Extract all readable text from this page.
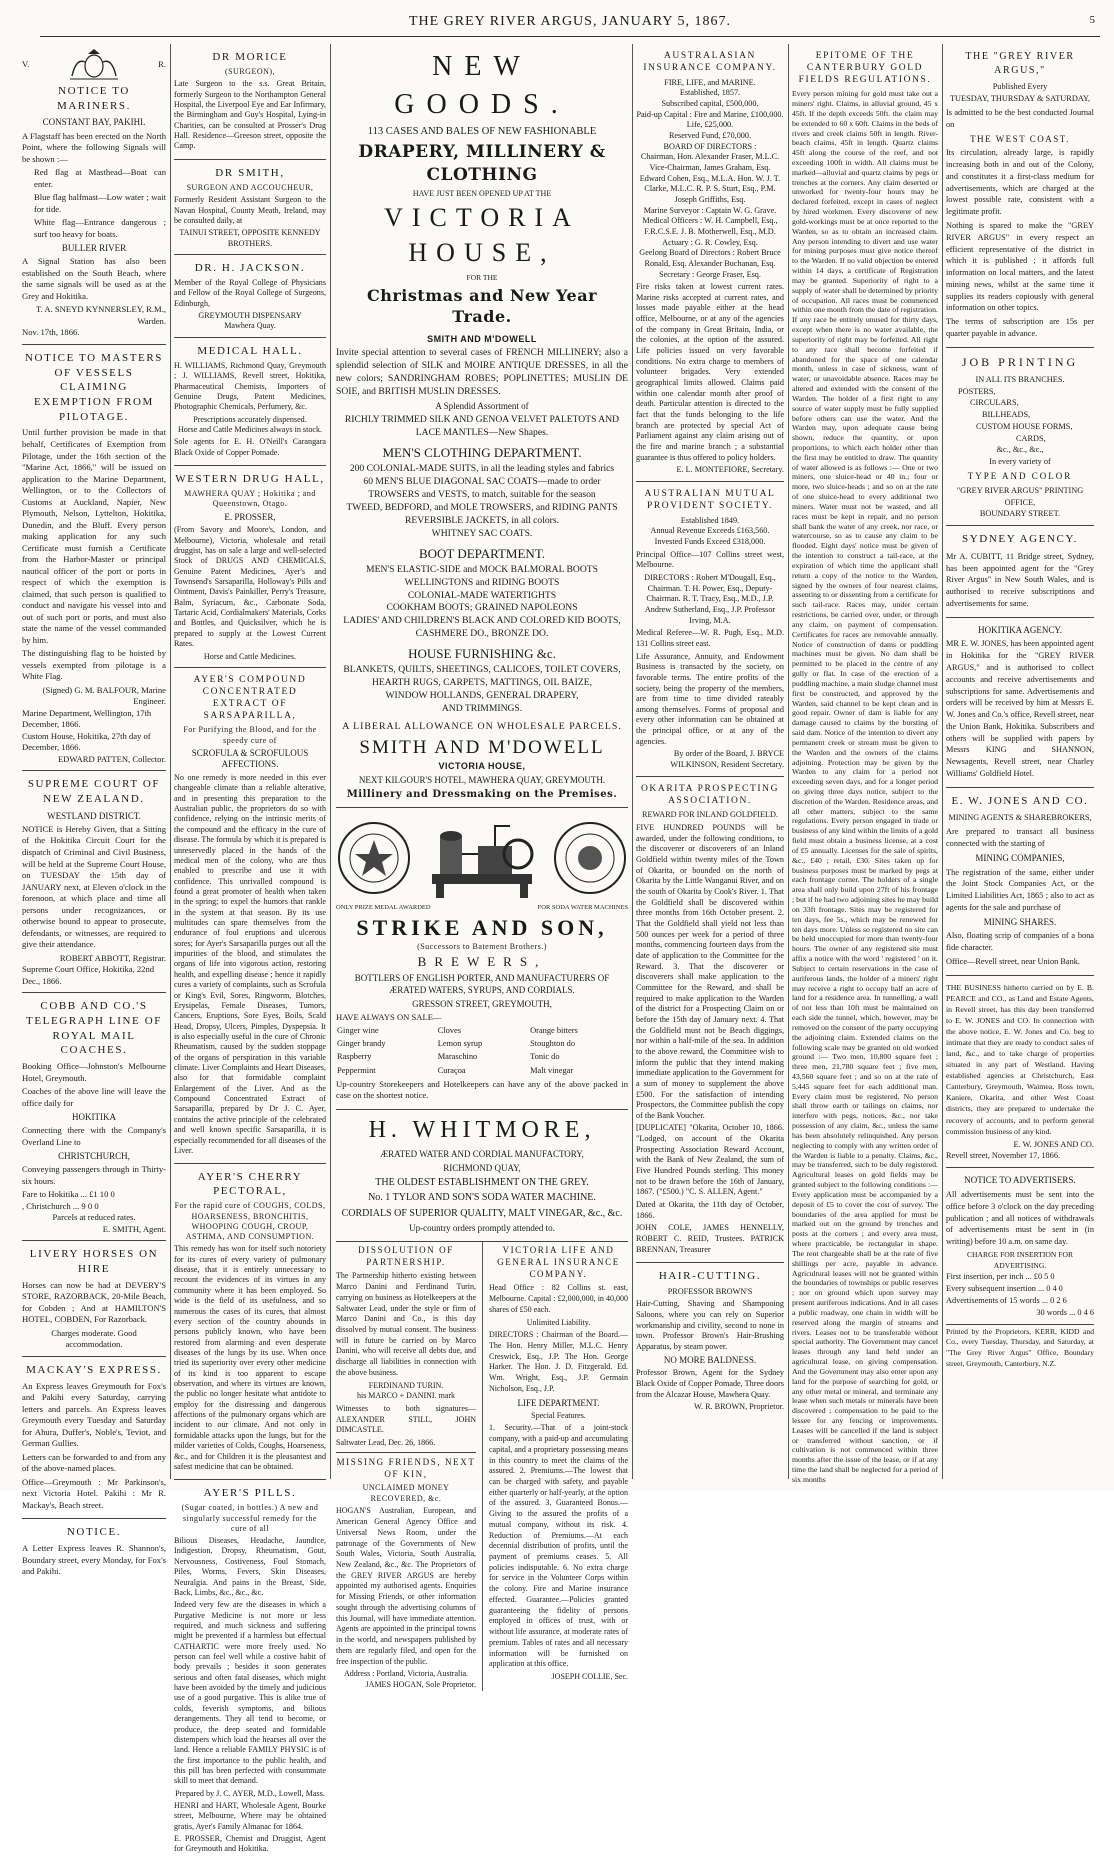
THE GREY RIVER ARGUS, JANUARY 5, 1867.	5
V.	R.
NOTICE TO MARINERS.
CONSTANT BAY, PAKIHI.
A Flagstaff has been erected on the North Point, where the following Signals will be shown :—
Red flag at Masthead—Boat can enter.
Blue flag halfmast—Low water ; wait for tide.
White flag—Entrance dangerous ; surf too heavy for boats.
BULLER RIVER
A Signal Station has also been established on the South Beach, where the same signals will be used as at the Grey and Hokitika.
T. A. SNEYD KYNNERSLEY, R.M., Warden.
Nov. 17th, 1866.
NOTICE TO MASTERS OF VESSELS CLAIMING EXEMPTION FROM PILOTAGE.
Until further provision be made in that behalf, Certificates of Exemption from Pilotage, under the 16th section of the "Marine Act, 1866," will be issued on application to the Marine Department, Wellington, or to the Collectors of Customs at Auckland, Napier, New Plymouth, Nelson, Lyttelton, Hokitika, Dunedin, and the Bluff. Every person making application for any such Certificate must furnish a Certificate from the Harbor-Master or principal nautical officer of the port or ports in respect of which the exemption is claimed, that such person is qualified to conduct and navigate his vessel into and out of such port or ports, and must also state the name of the vessel commanded by him.
The distinguishing flag to be hoisted by vessels exempted from pilotage is a White Flag.
(Signed) G. M. BALFOUR, Marine Engineer.
Marine Department, Wellington, 17th December, 1866.
Custom House, Hokitika, 27th day of December, 1866.
EDWARD PATTEN, Collector.
SUPREME COURT OF NEW ZEALAND.
WESTLAND DISTRICT.
NOTICE is Hereby Given, that a Sitting of the Hokitika Circuit Court for the dispatch of Criminal and Civil Business, will be held at the Supreme Court House, on TUESDAY the 15th day of JANUARY next, at Eleven o'clock in the forenoon, at which place and time all persons under recognizances, or otherwise bound to appear to prosecute, defendants, or witnesses, are required to give their attendance.
ROBERT ABBOTT, Registrar.
Supreme Court Office, Hokitika, 22nd Dec., 1866.
COBB AND CO.'S TELEGRAPH LINE OF ROYAL MAIL COACHES.
Booking Office—Johnston's Melbourne Hotel, Greymouth.
Coaches of the above line will leave the office daily for
HOKITIKA
Connecting there with the Company's Overland Line to
CHRISTCHURCH,
Conveying passengers through in Thirty-six hours.
Fare to Hokitika ... £1 10 0
, Christchurch ... 9 0 0
Parcels at reduced rates.
E. SMITH, Agent.
LIVERY HORSES ON HIRE
Horses can now be had at DEVERY'S STORE, RAZORBACK, 20-Mile Beach, for Cobden ; And at HAMILTON'S HOTEL, COBDEN, For Razorback.
Charges moderate. Good accommodation.
MACKAY'S EXPRESS.
An Express leaves Greymouth for Fox's and Pakihi every Saturday, carrying letters and parcels. An Express leaves Greymouth every Tuesday and Saturday for Ahura, Duffer's, Noble's, Teviot, and German Gullies.
Letters can be forwarded to and from any of the above-named places.
Office—Greymouth : Mr Parkinson's, next Victoria Hotel. Pakihi : Mr R. Mackay's, Beach street.
NOTICE.
A Letter Express leaves R. Shannon's, Boundary street, every Monday, for Fox's and Pakihi.
DR MORICE
(SURGEON),
Late Surgeon to the s.s. Great Britain, formerly Surgeon to the Northampton General Hospital, the Liverpool Eye and Ear Infirmary, the Birmingham and Guy's Hospital, Lying-in Charities, can be consulted at Prosser's Drug Hall. Residence—Greeson street, opposite the Camp.
DR SMITH,
SURGEON AND ACCOUCHEUR,
Formerly Resident Assistant Surgeon to the Navan Hospital, County Meath, Ireland, may be consulted daily, at
TAINUI STREET, OPPOSITE KENNEDY BROTHERS.
DR. H. JACKSON.
Member of the Royal College of Physicians and Fellow of the Royal College of Surgeons, Edinburgh,
GREYMOUTH DISPENSARY
Mawhera Quay.
MEDICAL HALL.
H. WILLIAMS, Richmond Quay, Greymouth ; J. WILLIAMS, Revell street, Hokitika, Pharmaceutical Chemists, Importers of Genuine Drugs, Patent Medicines, Photographic Chemicals, Perfumery, &c.
Prescriptions accurately dispensed.
Horse and Cattle Medicines always in stock.
Sole agents for E. H. O'Neill's Carangara Black Oxide of Copper Pomade.
WESTERN DRUG HALL,
MAWHERA QUAY ; Hokitika ; and Queenstown, Otago.
E. PROSSER,
(From Savory and Moore's, London, and Melbourne), Victoria, wholesale and retail druggist, has on sale a large and well-selected Stock of DRUGS AND CHEMICALS, Genuine Patent Medicines, Ayer's and Townsend's Sarsaparilla, Holloway's Pills and Ointment, Davis's Painkiller, Perry's Treasure, Balm, Syriacum, &c., Carbonate Soda, Tartaric Acid, Cordialmakers' Materials, Corks and Bottles, and Quicksilver, which he is prepared to supply at the Lowest Current Rates.
Horse and Cattle Medicines.
AYER'S COMPOUND CONCENTRATED EXTRACT OF SARSAPARILLA,
For Purifying the Blood, and for the speedy cure of
SCROFULA & SCROFULOUS AFFECTIONS.
No one remedy is more needed in this ever changeable climate than a reliable alterative, and in presenting this preparation to the Australian public, the proprietors do so with confidence, relying on the intrinsic merits of the compound and the efficacy in the cure of disease. The formula by which it is prepared is unreservedly placed in the hands of the medical men of the colony, who are thus enabled to prescribe and use it with confidence. This unrivalled compound is found a great promoter of health when taken in the spring; to expel the humors that rankle in the system at that season. By its use multitudes can spare themselves from the endurance of foul eruptions and ulcerous sores; for Ayer's Sarsaparilla purges out all the impurities of the blood, and stimulates the organs of life into vigorous action, restoring health, and expelling disease ; hence it rapidly cures a variety of complaints, such as Scrofula or King's Evil, Sores, Ringworm, Blotches, Erysipelas, Female Diseases, Tumors, Cancers, Eruptions, Sore Eyes, Boils, Scald Head, Dropsy, Ulcers, Pimples, Dyspepsia. It is also especially useful in the cure of Chronic Rheumatism, caused by the sudden stoppage of the organs of perspiration in this variable climate. Liver Complaints and Heart Diseases, also for that formidable complaint Enlargement of the Liver. And as the Compound Concentrated Extract of Sarsaparilla, prepared by Dr J. C. Ayer, contains the active principle of the celebrated and well known specific Sarsaparilla, it is especially recommended for all diseases of the Liver.
AYER'S CHERRY PECTORAL,
For the rapid cure of COUGHS, COLDS, HOARSENESS, BRONCHITIS, WHOOPING COUGH, CROUP, ASTHMA, AND CONSUMPTION.
This remedy has won for itself such notoriety for its cures of every variety of pulmonary disease, that it is entirely unnecessary to recount the evidences of its virtues in any community where it has been employed. So wide is the field of its usefulness, and so numerous the cases of its cures, that almost every section of the country abounds in persons publicly known, who have been restored from alarming and even desperate diseases of the lungs by its use. When once tried its superiority over every other medicine of its kind is too apparent to escape observation, and where its virtues are known, the public no longer hesitate what antidote to employ for the distressing and dangerous affections of the pulmonary organs which are incident to our climate. And not only in formidable attacks upon the lungs, but for the milder varieties of Colds, Coughs, Hoarseness, &c., and for Children it is the pleasantest and safest medicine that can be obtained.
AYER'S PILLS.
(Sugar coated, in bottles.) A new and singularly successful remedy for the cure of all
Bilious Diseases, Headache, Jaundice, Indigestion, Dropsy, Rheumatism, Gout, Nervousness, Costiveness, Foul Stomach, Piles, Worms, Fevers, Skin Diseases, Neuralgia. And pains in the Breast, Side, Back, Limbs, &c., &c., &c.
Indeed very few are the diseases in which a Purgative Medicine is not more or less required, and much sickness and suffering might be prevented if a harmless but effectual CATHARTIC were more freely used. No person can feel well while a costive habit of body prevails ; besides it soon generates serious and often fatal diseases, which might have been avoided by the timely and judicious use of a good purgative. This is alike true of colds, feverish symptoms, and bilious derangements. They all tend to become, or produce, the deep seated and formidable distempers which load the hearses all over the land. Hence a reliable FAMILY PHYSIC is of the first importance to the public health, and this pill has been perfected with consummate skill to meet that demand.
Prepared by J. C. AYER, M.D., Lowell, Mass.
HENRI and HART, Wholesale Agent, Bourke street, Melbourne, Where may be obtained gratis, Ayer's Family Almanac for 1864.
E. PROSSER, Chemist and Druggist, Agent for Greymouth and Hokitika.
NEW GOODS.
113 CASES AND BALES OF NEW FASHIONABLE
DRAPERY, MILLINERY & CLOTHING
HAVE JUST BEEN OPENED UP AT THE
VICTORIA HOUSE,
FOR THE
Christmas and New Year Trade.
SMITH AND M'DOWELL
Invite special attention to several cases of FRENCH MILLINERY; also a splendid selection of SILK and MOIRE ANTIQUE DRESSES, in all the new colors; SANDRINGHAM ROBES; POPLINETTES; MUSLIN DE SOIE, and BRITISH MUSLIN DRESSES.
A Splendid Assortment of
RICHLY TRIMMED SILK AND GENOA VELVET PALETOTS AND LACE MANTLES—New Shapes.
MEN'S CLOTHING DEPARTMENT.
200 COLONIAL-MADE SUITS, in all the leading styles and fabrics
60 MEN'S BLUE DIAGONAL SAC COATS—made to order
TROWSERS and VESTS, to match, suitable for the season
TWEED, BEDFORD, and MOLE TROWSERS, and RIDING PANTS
REVERSIBLE JACKETS, in all colors.
WHITNEY SAC COATS.
BOOT DEPARTMENT.
MEN'S ELASTIC-SIDE and MOCK BALMORAL BOOTS
WELLINGTONS and RIDING BOOTS
COLONIAL-MADE WATERTIGHTS
COOKHAM BOOTS; GRAINED NAPOLEONS
LADIES' AND CHILDREN'S BLACK AND COLORED KID BOOTS,
CASHMERE DO., BRONZE DO.
HOUSE FURNISHING &c.
BLANKETS, QUILTS, SHEETINGS, CALICOES, TOILET COVERS,
HEARTH RUGS, CARPETS, MATTINGS, OIL BAIZE,
WINDOW HOLLANDS, GENERAL DRAPERY,
AND TRIMMINGS.
A LIBERAL ALLOWANCE ON WHOLESALE PARCELS.
SMITH AND M'DOWELL
VICTORIA HOUSE,
NEXT KILGOUR'S HOTEL, MAWHERA QUAY, GREYMOUTH.
Millinery and Dressmaking on the Premises.
ONLY PRIZE MEDAL AWARDED	FOR SODA WATER MACHINES
STRIKE AND SON,
(Successors to Batement Brothers.)
BREWERS,
BOTTLERS OF ENGLISH PORTER, AND MANUFACTURERS OF ÆRATED WATERS, SYRUPS, AND CORDIALS.
GRESSON STREET, GREYMOUTH,
HAVE ALWAYS ON SALE—
Ginger wine	Cloves	Orange bitters
Ginger brandy	Lemon syrup	Stoughton do
Raspberry	Maraschino	Tonic do
Peppermint	Curaçoa	Malt vinegar
Up-country Storekeepers and Hotelkeepers can have any of the above packed in case on the shortest notice.
H. WHITMORE,
ÆRATED WATER AND CORDIAL MANUFACTORY,
RICHMOND QUAY,
THE OLDEST ESTABLISHMENT ON THE GREY.
No. 1 TYLOR AND SON'S SODA WATER MACHINE.
CORDIALS OF SUPERIOR QUALITY, MALT VINEGAR, &c., &c.
Up-country orders promptly attended to.
DISSOLUTION OF PARTNERSHIP.
The Partnership hitherto existing between Marco Danini and Ferdinand Turin, carrying on business as Hotelkeepers at the Saltwater Lead, under the style or firm of Marco Danini and Co., is this day dissolved by mutual consent. The business will in future be carried on by Marco Danini, who will receive all debts due, and discharge all liabilities in connection with the above business.
FERDINAND TURIN.
his MARCO + DANINI. mark
Witnesses to both signatures— ALEXANDER STILL, JOHN DIMCASTLE.
Saltwater Lead, Dec. 26, 1866.
MISSING FRIENDS, NEXT OF KIN,
UNCLAIMED MONEY RECOVERED, &c.
HOGAN'S Australian, European, and American General Agency Office and Universal News Room, under the patronage of the Governments of New South Wales, Victoria, South Australia, New Zealand, &c., &c. The Proprietors of the GREY RIVER ARGUS are hereby appointed my authorised agents. Enquiries for Missing Friends, or other information sought through the advertising columns of this Journal, will have immediate attention. Agents are appointed in the principal towns in the world, and newspapers published by them are regularly filed, and open for the free inspection of the public.
Address : Portland, Victoria, Australia.
JAMES HOGAN, Sole Proprietor.
VICTORIA LIFE AND GENERAL INSURANCE COMPANY.
Head Office : 82 Collins st. east, Melbourne. Capital : £2,000,000, in 40,000 shares of £50 each.
Unlimited Liability.
DIRECTORS : Chairman of the Board.—The Hon. Henry Miller, M.L.C. Henry Creswick, Esq., J.P. The Hon. George Harker. The Hon. J. D. Fitzgerald. Ed. Wm. Wright, Esq., J.P. Germain Nicholson, Esq., J.P.
LIFE DEPARTMENT.
Special Features.
1. Security.—That of a joint-stock company, with a paid-up and accumulating capital, and a proprietary possessing means in this country to meet the claims of the assured. 2. Premiums.—The lowest that can be charged with safety, and payable either quarterly or half-yearly, at the option of the assured. 3. Guaranteed Bonus.—Giving to the assured the profits of a mutual company, without its risk. 4. Reduction of Premiums.—At each decennial distribution of profits, until the payment of premiums ceases. 5. All policies indisputable. 6. No extra charge for service in the Volunteer Corps within the colony. Fire and Marine insurance effected. Guarantee.—Policies granted guaranteeing the fidelity of persons employed in offices of trust, with or without life assurance, at moderate rates of premium. Tables of rates and all necessary information will be furnished on application at this office.
JOSEPH COLLIE, Sec.
AUSTRALASIAN INSURANCE COMPANY.
FIRE, LIFE, and MARINE.
Established, 1857.
Subscribed capital, £500,000.
Paid-up Capital : Fire and Marine, £100,000. Life, £25,000.
Reserved Fund, £70,000.
BOARD OF DIRECTORS :
Chairman, Hon. Alexander Fraser, M.L.C. Vice-Chairman, James Graham, Esq. Edward Cohen, Esq., M.L.A. Hon. W. J. T. Clarke, M.L.C. R. P. S. Sturt, Esq., P.M. Joseph Griffiths, Esq.
Marine Surveyor : Captain W. G. Grave.
Medical Officers : W. H. Campbell, Esq., F.R.C.S.E. J. B. Motherwell, Esq., M.D.
Actuary : G. R. Cowley, Esq.
Geelong Board of Directors : Robert Bruce Ronald, Esq. Alexander Buchanan, Esq. Secretary : George Fraser, Esq.
Fire risks taken at lowest current rates. Marine risks accepted at current rates, and losses made payable either at the head office, Melbourne, or at any of the agencies of the company in Great Britain, India, or the colonies, at the option of the assured. Life policies issued on very favorable conditions. No extra charge to members of volunteer brigades. Very extended geographical limits allowed. Claims paid within one calendar month after proof of death. Particular attention is directed to the fact that the funds belonging to the life branch are protected by special Act of Parliament against any claim arising out of the fire and marine branch ; a substantial guarantee is thus offered to policy holders.
E. L. MONTEFIORE, Secretary.
AUSTRALIAN MUTUAL PROVIDENT SOCIETY.
Established 1849.
Annual Revenue Exceeds £163,560. Invested Funds Exceed £318,000.
Principal Office—107 Collins street west, Melbourne.
DIRECTORS : Robert M'Dougall, Esq., Chairman. T. H. Power, Esq., Deputy-Chairman. R. T. Tracy, Esq., M.D., J.P. Andrew Sutherland, Esq., J.P. Professor Irving, M.A.
Medical Referee—W. R. Pugh, Esq., M.D. 131 Collins street east.
Life Assurance, Annuity, and Endowment Business is transacted by the society, on favorable terms. The entire profits of the society, being the property of the members, are from time to time divided rateably among themselves. Forms of proposal and every other information can be obtained at the principal office, or at any of the agencies.
By order of the Board, J. BRYCE WILKINSON, Resident Secretary.
OKARITA PROSPECTING ASSOCIATION.
REWARD FOR INLAND GOLDFIELD.
FIVE HUNDRED POUNDS will be awarded, under the following conditions, to the discoverer or discoverers of an Inland Goldfield within twenty miles of the Town of Okarita, or bounded on the north of Okarita by the Little Wanganui River, and on the south of Okarita by Cook's River. 1. That the Goldfield shall be discovered within three months from 16th October present. 2. That the Goldfield shall yield not less than 500 ounces per week for a period of three months, commencing fourteen days from the date of application to the Committee for the Reward. 3. That the discoverer or discoverers shall make application to the Committee for the Reward, and shall be required to make application to the Warden of the district for a Prospecting Claim on or before the 15th day of January next. 4. That the Goldfield must not be Beach diggings, nor within a half-mile of the sea. In addition to the above reward, the Committee wish to inform the public that they intend making immediate application to the Government for a sum of money to supplement the above £500. For the satisfaction of intending Prospectors, the Committee publish the copy of the Bank Voucher.
[DUPLICATE] "Okarita, October 10, 1866. "Lodged, on account of the Okarita Prospecting Association Reward Account, with the Bank of New Zealand, the sum of Five Hundred Pounds sterling. This money not to be drawn before the 16th of January, 1867. ("£500.) "C. S. ALLEN, Agent."
Dated at Okarita, the 11th day of October, 1866.
JOHN COLE, JAMES HENNELLY, ROBERT C. REID, Trustees. PATRICK BRENNAN, Treasurer
HAIR-CUTTING.
PROFESSOR BROWN'S
Hair-Cutting, Shaving and Shampooing Saloons, where you can rely on Superior workmanship and civility, second to none in town. Professor Brown's Hair-Brushing Apparatus, by steam power.
NO MORE BALDNESS.
Professor Brown, Agent for the Sydney Black Oxide of Copper Pomade, Three doors from the Alcazar House, Mawhera Quay.
W. R. BROWN, Proprietor.
EPITOME OF THE CANTERBURY GOLD FIELDS REGULATIONS.
Every person mining for gold must take out a miners' right. Claims, in alluvial ground, 45 x 45ft. If the depth exceeds 50ft. the claim may be extended to 60 x 60ft. Claims in the beds of rivers and creek claims 50ft in length. River-beach claims, 45ft in length. Quartz claims 45ft along the course of the reef, and not exceeding 100ft in width. All claims must be marked—alluvial and quartz claims by pegs or trenches at the corners. Any claim deserted or unworked for twenty-four hours may be declared forfeited, except in cases of neglect by hired workmen. Every discoverer of new gold-workings must be at once reported to the Warden, so as to obtain an increased claim. Any person intending to divert and use water for mining purposes must give notice thereof to the Warden. If no valid objection be entered within 14 days, a certificate of Registration may be granted. Superiority of right to a supply of water shall be determined by priority of occupation. All races must be commenced within one month from the date of registration. If any race be entirely unused for thirty days, except when there is no water available, the superiority of right may be forfeited. All right to any race shall become forfeited if abandoned for the space of one calendar month, unless in case of sickness, want of water, or unavoidable absence. Races may be altered and extended with the consent of the Warden. The holder of a first right to any source of water supply must be fully supplied before others can use the water. And the Warden may, upon adequate cause being shown, reduce the quantity, or upon proportions, to which each holder other than the first may be entitled to draw. The quantity of water allowed is as follows :— One or two miners, one sluice-head or 40 in.; four or more, two sluice-heads ; and so on at the rate of one sluice-head to every additional two miners. Water must not be wasted, and all races must be kept in repair, and no person shall bank the water of any creek, nor race, or watercourse, so as to cause any claim to be flooded. Eight days' notice must be given of the intention to construct a tail-race, at the expiration of which time the applicant shall return a copy of the notice to the Warden, signed by the owners of four nearest claims, assenting to or dissenting from a certificate for such tail-race. Races may, under certain restrictions, be carried over, under, or through any claim, on payment of compensation. Certificates for races are removable annually. Notice of construction of dams or puddling machines must be given. No dam shall be permitted to be placed in the centre of any gully or flat. In case of the erection of a puddling machine, a main sludge channel must first be constructed, and approved by the Warden, said channel to be kept clean and in good repair. Owner of dam is liable for any damage caused to claims by the bursting of said dam. Notice of the intention to divert any permanent creek or stream must be given to the Warden and the owners of the claims adjoining. Protection may be given by the Warden to any claim for a period not exceeding seven days, and for a longer period on giving three days notice, subject to the discretion of the Warden. Residence areas, and all other matters, subject to the same regulations. Every person engaged in trade or business of any kind within the limits of a gold field must obtain a business license, at a cost of £5 annually. Licenses for the sale of spirits, &c., £40 ; retail, £30. Sites taken up for business purposes must be marked by pegs at each frontage corner. The holders of a single area shall only build upon 27ft of his frontage ; but if he had two adjoining sites he may build on 33ft frontage. Sites may be registered for ten days, fee 5s., which may be renewed for ten days more. Unless so registered no site can be held unoccupied for more than twenty-four hours. The owner of any registered site must affix a notice with the word ' registered ' on it. Subject to certain reservations in the case of auriferous lands, the holder of a miners' right may receive a right to occupy half an acre of land for a residence area. In tunnelling, a wall of not less than 10ft must be maintained on each side the tunnel, which, however, may be removed on the consent of the party occupying the adjoining claim. Extended claims on the following scale may be granted on old worked ground :— Two men, 10,800 square feet ; three men, 21,780 square feet ; five men, 43,560 square feet ; and so on at the rate of 5,445 square feet for each additional man. Every claim must be registered. No person shall throw earth or tailings on claims, nor interfere with pegs, notices, &c., nor take possession of any claim, &c., unless the same has been absolutely relinquished. Any person neglecting to comply with any written order of the Warden is liable to a penalty. Claims, &c., may be transferred, such to be duly registered. Agricultural leases on gold fields may be granted subject to the following conditions :— Every application must be accompanied by a deposit of £5 to cover the cost of survey. The boundaries of the area applied for must be marked out on the ground by trenches and posts at the corners ; and every area must, where practicable, be rectangular in shape. The rent chargeable shall be at the rate of five shillings per acre, payable in advance. Agricultural leases will not be granted within the boundaries of townships or public reserves ; nor on ground which upon survey may present auriferous indications. And in all cases a public roadway, one chain in width will be reserved along the margin of streams and rivers. Leases not to be transferable without special authority. The Government may cancel leases through any land held under an agricultural lease, on giving compensation. And the Government may also enter upon any land for the purpose of searching for gold, or any other metal or mineral, and terminate any lease when such metals or minerals have been discovered ; compensation to be paid to the lessee for any fencing or improvements. Leases will be cancelled if the land is subject or transferred without sanction, or if cultivation is not commenced within three months after the issue of the lease, or if at any time the land shall be neglected for a period of six months
THE "GREY RIVER ARGUS,"
Published Every
TUESDAY, THURSDAY & SATURDAY,
Is admitted to be the best conducted Journal on
THE WEST COAST.
Its circulation, already large, is rapidly increasing both in and out of the Colony, and constitutes it a first-class medium for advertisements, which are charged at the lowest possible rate, consistent with a legitimate profit.
Nothing is spared to make the "GREY RIVER ARGUS" in every respect an efficient representative of the district in which it is published ; it affords full information on local matters, and the latest mining news, whilst at the same time it supplies its readers copiously with general information on other topics.
The terms of subscription are 15s per quarter payable in advance.
JOB PRINTING
IN ALL ITS BRANCHES.
POSTERS,
CIRCULARS,
BILLHEADS,
CUSTOM HOUSE FORMS,
CARDS,
&c., &c., &c.,
In every variety of
TYPE AND COLOR
"GREY RIVER ARGUS" PRINTING OFFICE,
BOUNDARY STREET.
SYDNEY AGENCY.
Mr A. CUBITT, 11 Bridge street, Sydney, has been appointed agent for the "Grey River Argus" in New South Wales, and is authorised to receive subscriptions and advertisements for same.
HOKITIKA AGENCY.
MR E. W. JONES, has been appointed agent in Hokitika for the "GREY RIVER ARGUS," and is authorised to collect accounts and receive advertisements and subscriptions for same. Advertisements and orders will be received by him at Messrs E. W. Jones and Co.'s office, Revell street, near the Union Bank, Hokitika. Subscribers and others will be supplied with papers by Messrs KING and SHANNON, Newsagents, Revell street, near Charley Williams' Goldfield Hotel.
E. W. JONES AND CO.
MINING AGENTS & SHAREBROKERS,
Are prepared to transact all business connected with the starting of
MINING COMPANIES,
The registration of the same, either under the Joint Stock Companies Act, or the Limited Liabilities Act, 1865 ; also to act as agents for the sale and purchase of
MINING SHARES.
Also, floating scrip of companies of a bona fide character.
Office—Revell street, near Union Bank.
THE BUSINESS hitherto carried on by E. B. PEARCE and CO., as Land and Estate Agents, in Revell street, has this day been transferred to E. W. JONES and CO. In connection with the above notice, E. W. Jones and Co. beg to intimate that they are ready to conduct sales of land, &c., and to take charge of properties situated in any part of Westland. Having established agencies at Christchurch, East Canterbury, Greymouth, Waimea, Ross town, Kaniere, Okarita, and other West Coast districts, they are prepared to undertake the recovery of accounts, and to perform general commission business of any kind.
E. W. JONES AND CO.
Revell street, November 17, 1866.
NOTICE TO ADVERTISERS.
All advertisements must be sent into the office before 3 o'clock on the day preceding publication ; and all notices of withdrawals of advertisements must be sent in (in writing) before 10 a.m. on same day.
CHARGE FOR INSERTION FOR ADVERTISING.
First insertion, per inch ... £0 5 0
Every subsequent insertion ... 0 4 0
Advertisements of 15 words ... 0 2 6
30 words ... 0 4 6
Printed by the Proprietors, KERR, KIDD and Co., every Tuesday, Thursday, and Saturday, at "The Grey River Argus" Office, Boundary street, Greymouth, Canterbury, N.Z.
